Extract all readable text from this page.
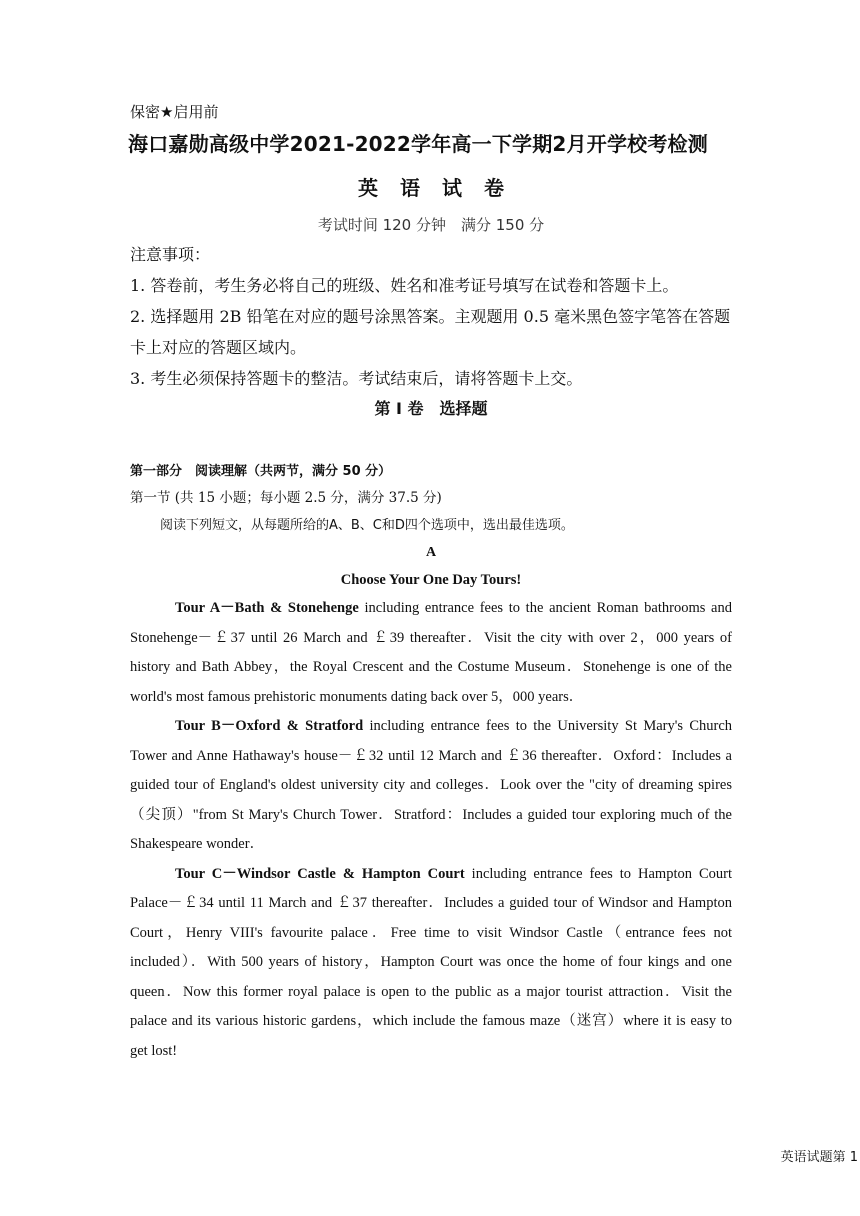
保密★启用前

海口嘉勋高级中学2021-2022学年高一下学期2月开学校考检测

英语试卷

考试时间 120 分钟　满分 150 分

注意事项：

1. 答卷前，考生务必将自己的班级、姓名和准考证号填写在试卷和答题卡上。

2. 选择题用 2B 铅笔在对应的题号涂黑答案。主观题用 0.5 毫米黑色签字笔答在答题卡上对应的答题区域内。

3. 考生必须保持答题卡的整洁。考试结束后，请将答题卡上交。

第 I 卷　选择题

第一部分　阅读理解（共两节，满分 50 分）

第一节 (共 15 小题；每小题 2.5 分，满分 37.5 分)

阅读下列短文，从每题所给的A、B、C和D四个选项中，选出最佳选项。

A

Choose Your One Day Tours!

Tour A－Bath & Stonehenge including entrance fees to the ancient Roman bathrooms and Stonehenge－￡37 until 26 March and ￡39 thereafter．Visit the city with over 2，000 years of history and Bath Abbey，the Royal Crescent and the Costume Museum．Stonehenge is one of the world's most famous prehistoric monuments dating back over 5，000 years．

Tour B－Oxford & Stratford including entrance fees to the University St Mary's Church Tower and Anne Hathaway's house－￡32 until 12 March and ￡36 thereafter．Oxford：Includes a guided tour of England's oldest university city and colleges．Look over the "city of dreaming spires（尖顶）"from St Mary's Church Tower．Stratford：Includes a guided tour exploring much of the Shakespeare wonder．

Tour C－Windsor Castle & Hampton Court including entrance fees to Hampton Court Palace－￡34 until 11 March and ￡37 thereafter．Includes a guided tour of Windsor and Hampton Court，Henry VIII's favourite palace．Free time to visit Windsor Castle（entrance fees not included）．With 500 years of history，Hampton Court was once the home of four kings and one queen．Now this former royal palace is open to the public as a major tourist attraction．Visit the palace and its various historic gardens，which include the famous maze（迷宫）where it is easy to get lost!

英语试题第 1
